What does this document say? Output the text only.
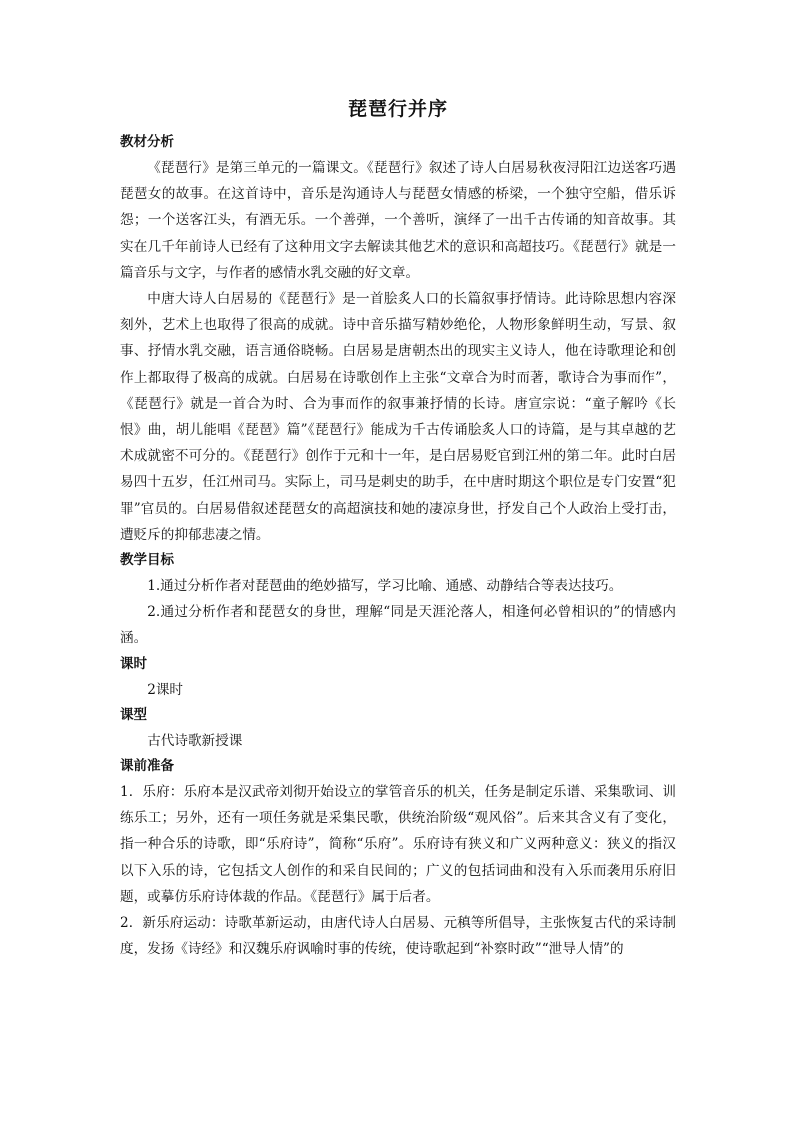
琵琶行并序

教材分析

《琵琶行》是第三单元的一篇课文。《琵琶行》叙述了诗人白居易秋夜浔阳江边送客巧遇琵琶女的故事。在这首诗中，音乐是沟通诗人与琵琶女情感的桥梁，一个独守空船，借乐诉怨；一个送客江头，有酒无乐。一个善弹，一个善听，演绎了一出千古传诵的知音故事。其实在几千年前诗人已经有了这种用文字去解读其他艺术的意识和高超技巧。《琵琶行》就是一篇音乐与文字，与作者的感情水乳交融的好文章。

中唐大诗人白居易的《琵琶行》是一首脍炙人口的长篇叙事抒情诗。此诗除思想内容深刻外，艺术上也取得了很高的成就。诗中音乐描写精妙绝伦，人物形象鲜明生动，写景、叙事、抒情水乳交融，语言通俗晓畅。白居易是唐朝杰出的现实主义诗人，他在诗歌理论和创作上都取得了极高的成就。白居易在诗歌创作上主张“文章合为时而著，歌诗合为事而作”，《琵琶行》就是一首合为时、合为事而作的叙事兼抒情的长诗。唐宣宗说：“童子解吟《长恨》曲，胡儿能唱《琵琶》篇”《琵琶行》能成为千古传诵脍炙人口的诗篇，是与其卓越的艺术成就密不可分的。《琵琶行》创作于元和十一年，是白居易贬官到江州的第二年。此时白居易四十五岁，任江州司马。实际上，司马是刺史的助手，在中唐时期这个职位是专门安置“犯罪”官员的。白居易借叙述琵琶女的高超演技和她的凄凉身世，抒发自己个人政治上受打击，遭贬斥的抑郁悲凄之情。

教学目标

1.通过分析作者对琵琶曲的绝妙描写，学习比喻、通感、动静结合等表达技巧。

2.通过分析作者和琵琶女的身世，理解“同是天涯沦落人，相逢何必曾相识的”的情感内涵。

课时

2课时

课型

古代诗歌新授课

课前准备

1．乐府：乐府本是汉武帝刘彻开始设立的掌管音乐的机关，任务是制定乐谱、采集歌词、训练乐工；另外，还有一项任务就是采集民歌，供统治阶级“观风俗”。后来其含义有了变化，指一种合乐的诗歌，即“乐府诗”，简称“乐府”。乐府诗有狭义和广义两种意义：狭义的指汉以下入乐的诗，它包括文人创作的和采自民间的；广义的包括词曲和没有入乐而袭用乐府旧题，或摹仿乐府诗体裁的作品。《琵琶行》属于后者。

2．新乐府运动：诗歌革新运动，由唐代诗人白居易、元稹等所倡导，主张恢复古代的采诗制度，发扬《诗经》和汉魏乐府讽喻时事的传统，使诗歌起到“补察时政”“泄导人情”的
